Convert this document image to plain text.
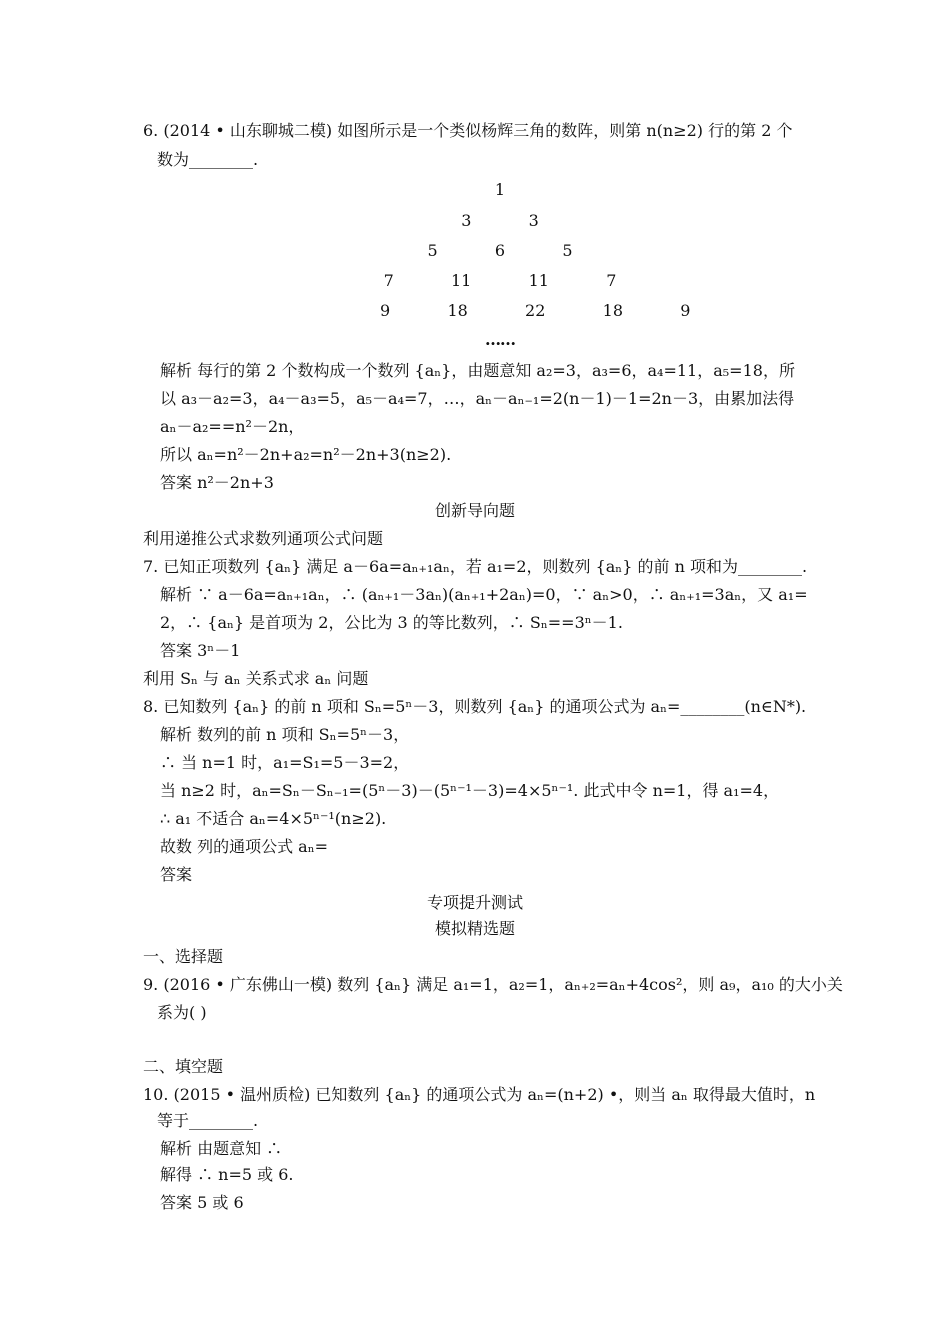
6. (2014 • 山东聊城二模) 如图所示是一个类似杨辉三角的数阵，则第 n(n≥2) 行的第 2 个
数为________.
1
3   3
5   6   5
7   11   11   7
9   18   22   18   9
……
解析 每行的第 2 个数构成一个数列 {aₙ}，由题意知 a₂=3，a₃=6，a₄=11，a₅=18，所
以 a₃－a₂=3，a₄－a₃=5，a₅－a₄=7，…，aₙ－aₙ₋₁=2(n－1)－1=2n－3，由累加法得
aₙ－a₂==n²－2n，
所以 aₙ=n²－2n+a₂=n²－2n+3(n≥2).
答案 n²－2n+3
创新导向题
利用递推公式求数列通项公式问题
7. 已知正项数列 {aₙ} 满足 a－6a=aₙ₊₁aₙ，若 a₁=2，则数列 {aₙ} 的前 n 项和为________.
解析 ∵ a－6a=aₙ₊₁aₙ，∴ (aₙ₊₁－3aₙ)(aₙ₊₁+2aₙ)=0，∵ aₙ>0，∴ aₙ₊₁=3aₙ，又 a₁=
2，∴ {aₙ} 是首项为 2，公比为 3 的等比数列，∴ Sₙ==3ⁿ－1.
答案 3ⁿ－1
利用 Sₙ 与 aₙ 关系式求 aₙ 问题
8. 已知数列 {aₙ} 的前 n 项和 Sₙ=5ⁿ－3，则数列 {aₙ} 的通项公式为 aₙ=________(n∈N*).
解析 数列的前 n 项和 Sₙ=5ⁿ－3，
∴ 当 n=1 时，a₁=S₁=5－3=2，
当 n≥2 时，aₙ=Sₙ－Sₙ₋₁=(5ⁿ－3)－(5ⁿ⁻¹－3)=4×5ⁿ⁻¹. 此式中令 n=1，得 a₁=4，
∴ a₁ 不适合 aₙ=4×5ⁿ⁻¹(n≥2).
故数 列的通项公式 aₙ=
答案
专项提升测试
模拟精选题
一、选择题
9. (2016 • 广东佛山一模) 数列 {aₙ} 满足 a₁=1，a₂=1，aₙ₊₂=aₙ+4cos²，则 a₉，a₁₀ 的大小关
系为( )
二、填空题
10. (2015 • 温州质检) 已知数列 {aₙ} 的通项公式为 aₙ=(n+2) •，则当 aₙ 取得最大值时，n
等于________.
解析 由题意知 ∴
解得 ∴ n=5 或 6.
答案 5 或 6
